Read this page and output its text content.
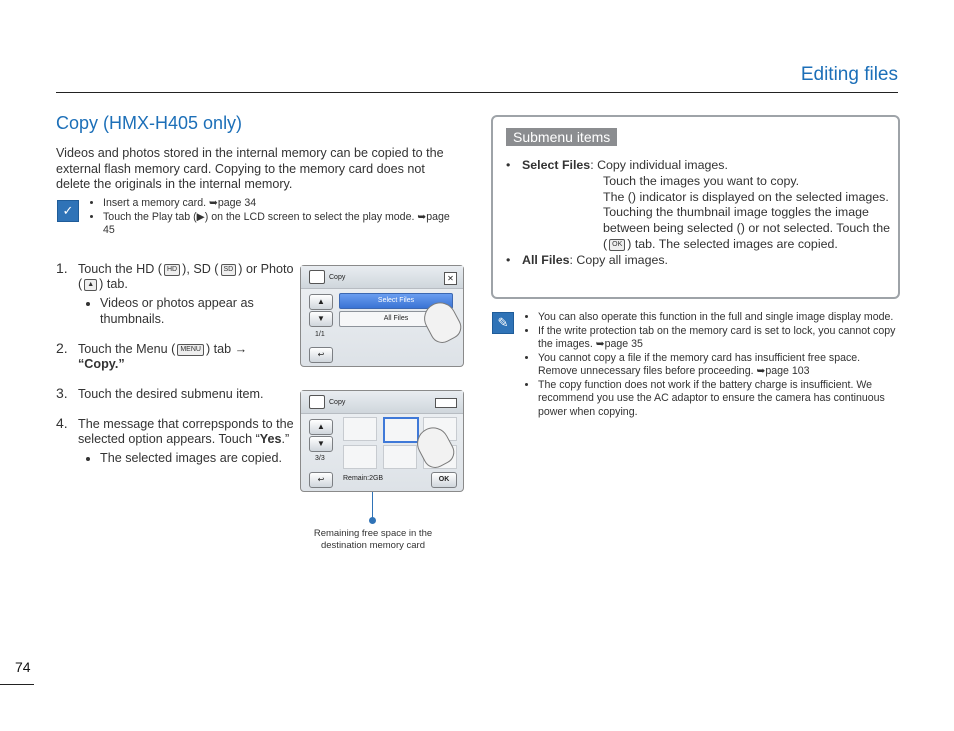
Editing files
Copy (HMX-H405 only)
Videos and photos stored in the internal memory can be copied to the external flash memory card. Copying to the memory card does not delete the originals in the internal memory.
✓	• Insert a memory card. ➥page 34
• Touch the Play tab (▶) on the LCD screen to select the play mode. ➥page 45
1. Touch the HD ( HD ), SD ( SD ) or Photo ( ▲ ) tab.
• Videos or photos appear as thumbnails.
2. Touch the Menu ( MENU ) tab →
“Copy.”
3. Touch the desired submenu item.
4. The message that correpsponds to the selected option appears. Touch “Yes.”
• The selected images are copied.
Copy	✕
▲
▼
1/1
↩
Select Files
All Files
Copy
▲
▼
3/3
↩	Remain:2GB	OK
Remaining free space in the destination memory card
Submenu items
• Select Files: Copy individual images.
Touch the images you want to copy.
The () indicator is displayed on the selected images. Touching the thumbnail image toggles the image between being selected () or not selected. Touch the ( OK ) tab. The selected images are copied.
• All Files: Copy all images.
✎	• You can also operate this function in the full and single image display mode.
• If the write protection tab on the memory card is set to lock, you cannot copy the images. ➥page 35
• You cannot copy a file if the memory card has insufficient free space. Remove unnecessary files before proceeding. ➥page 103
• The copy function does not work if the battery charge is insufficient. We recommend you use the AC adaptor to ensure the camera has continuous power when copying.
74
